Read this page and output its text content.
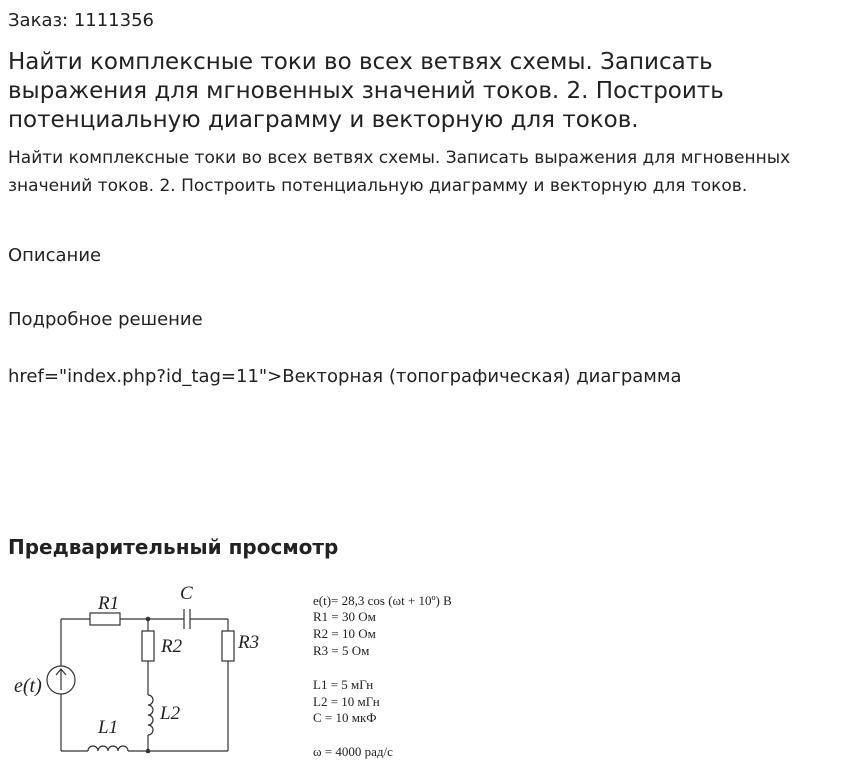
Заказ: 1111356
Найти комплексные токи во всех ветвях схемы. Записать выражения для мгновенных значений токов. 2. Построить потенциальную диаграмму и векторную для токов.

Найти комплексные токи во всех ветвях схемы. Записать выражения для мгновенных значений токов. 2. Построить потенциальную диаграмму и векторную для токов.

Описание
Подробное решение
href="index.php?id_tag=11">Векторная (топографическая) диаграмма
Предварительный просмотр
e(t)
R1	C
R2	R3
L2
L1
e(t)= 28,3 cos (ωt + 10º) В
R1 = 30 Ом
R2 = 10 Ом
R3 = 5 Ом
L1 = 5 мГн
L2 = 10 мГн
C = 10 мкФ
ω = 4000 рад/с
